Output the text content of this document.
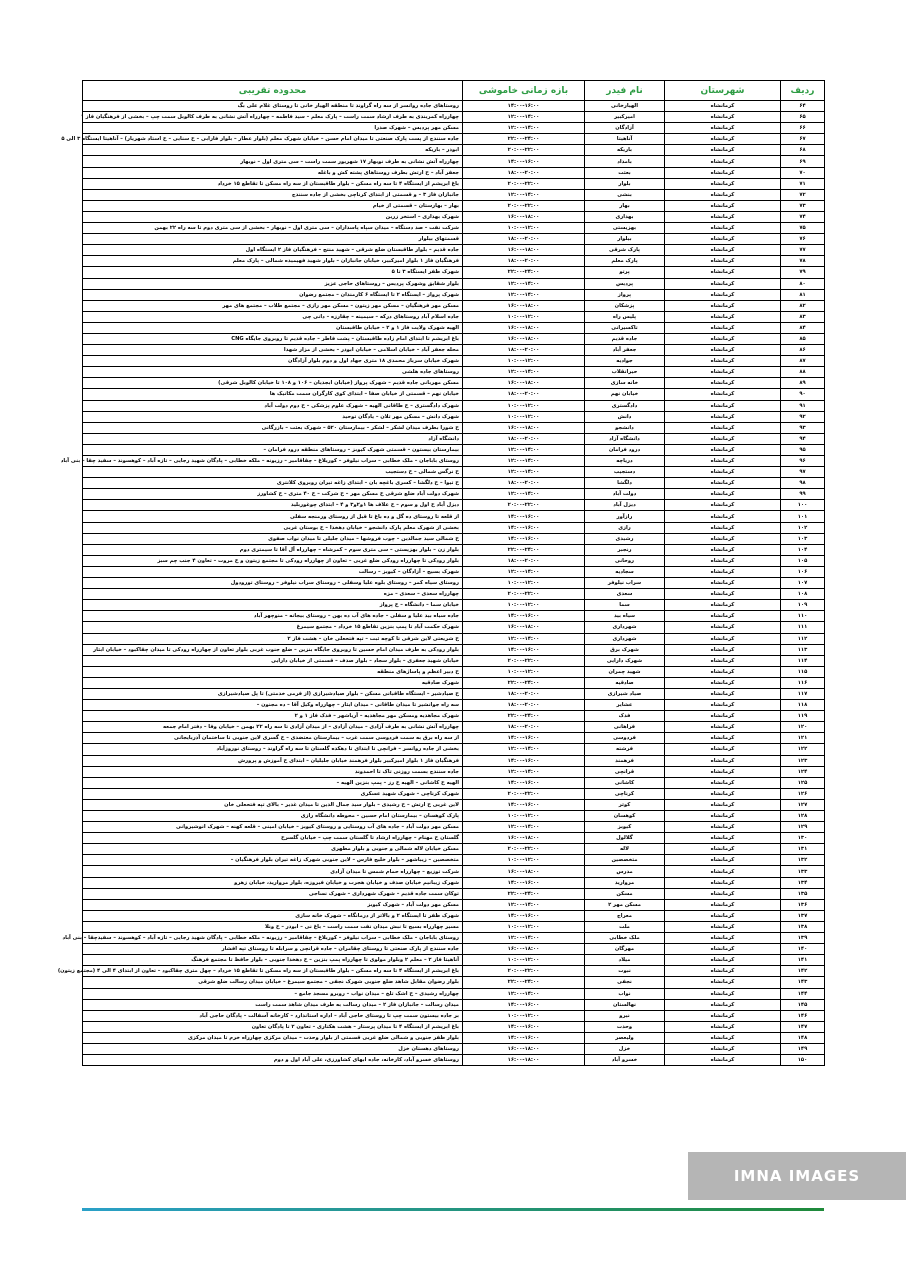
ردیف	شهرستان	نام فیدر	بازه زمانی خاموشی	محدوده تقریبی
۶۴	کرمانشاه	الهیارخانی	۱۴:۰۰-۱۶:۰۰	روستاهای جاده روانسر از سه راه گراوند تا منطقه الهیار خانی تا روستای غلام علی بگ
۶۵	کرمانشاه	امیرکبیر	۱۲:۰۰-۱۴:۰۰	چهارراه کمربندی به طرف ارشاد سمت راست – پارک معلم – سید فاطمه – چهارراه آتش نشانی به طرف کالوبل سمت چپ – بخشی از فرهنگیان فاز ۱
۶۶	کرمانشاه	آزادگان	۱۲:۰۰-۱۴:۰۰	مسکن مهر پردیس – شهرک صدرا
۶۷	کرمانشاه	آناهیتا	۲۲:۰۰-۲۴:۰۰	جاده سنندج از پست پارک صنعتی تا میدان امام حسن – خیابان شهرک معلم (بلوار عطار – بلوار فارابی – خ سنایی – خ استاد شهریار) – آناهیتا ایستگاه ۳ الی ۵
۶۸	کرمانشاه	باریکه	۲۰:۰۰-۲۲:۰۰	ابوذر – باریکه
۶۹	کرمانشاه	بامداد	۱۴:۰۰-۱۶:۰۰	چهارراه آتش نشانی به طرف نوبهار ۱۷ شهریور سمت راست – سی متری اول – نوبهار
۷۰	کرمانشاه	بعثت	۱۸:۰۰-۲۰:۰۰	جعفر آباد – خ ارتش بطرف روستاهای پشته کش و باغله
۷۱	کرمانشاه	بلوار	۲۰:۰۰-۲۲:۰۰	باغ ابریشم از ایستگاه ۴ تا سه راه مسکن – بلوار طاقبستان از سه راه مسکن تا تقاطع ۱۵ خرداد
۷۲	کرمانشاه	بنشی	۱۲:۰۰-۱۴:۰۰	جانبازان فاز ۳ – و قسمتی از ابتدای کرناچی بخشی از جاده سنندج
۷۳	کرمانشاه	بهار	۲۰:۰۰-۲۲:۰۰	بهار – بهارستان – قسمتی از خیام
۷۴	کرمانشاه	بهداری	۱۶:۰۰-۱۸:۰۰	شهرک بهداری – استخر زرین
۷۵	کرمانشاه	بهزیستی	۱۰:۰۰-۱۲:۰۰	شرکت نفت – صد دستگاه – میدان سپاه پاسداران – سی متری اول – نوبهار – بخشی از سی متری دوم تا سه راه ۲۲ بهمن
۷۶	کرمانشاه	بیلوار	۱۸:۰۰-۲۰:۰۰	قسمتهای بیلوار
۷۷	کرمانشاه	پارک شرقی	۱۶:۰۰-۱۸:۰۰	جاده قدیم – بلوار طاقبستان ضلع شرقی – شهید منتج – فرهنگیان فاز ۲ ایستگاه اول
۷۸	کرمانشاه	پارک معلم	۱۸:۰۰-۲۰:۰۰	فرهنگیان فاز ۱ بلوار امیرکبیر، خیابان جانبازان – بلوار شهید فهیمیده شمالی – پارک معلم
۷۹	کرمانشاه	پرتو	۲۲:۰۰-۲۴:۰۰	شهرک ظفر ایستگاه ۳ تا ۵
۸۰	کرمانشاه	پردیس	۱۲:۰۰-۱۴:۰۰	بلوار شقایق وشهرک پردیس – روستاهای حاجی عزیز
۸۱	کرمانشاه	پرواز	۱۲:۰۰-۱۴:۰۰	شهرک پرواز – ایستگاه ۲ تا ایستگاه ۶ کارمندان – مجتمع رضوان
۸۲	کرمانشاه	پزشکان	۱۶:۰۰-۱۸:۰۰	مسکن مهر فرهنگیان – مسکن مهر زیتون – مسکن مهر رازی – مجتمع طلاب – مجتمع های مهر
۸۳	کرمانشاه	پلیس راه	۱۰:۰۰-۱۲:۰۰	جاده اسلام آباد روستاهای درکه – سیمینه – چقارزه – دانی چی
۸۴	کرمانشاه	تاکسیرانی	۱۶:۰۰-۱۸:۰۰	الهیه شهرک ولایت فاز ۱ و ۲ – خیابان طاقبستان
۸۵	کرمانشاه	جاده قدیم	۱۶:۰۰-۱۸:۰۰	باغ ابریشم تا ابتدای امام زاده طاقبستان – پشت فاطر – جاده قدیم تا روبروی جایگاه CNG
۸۶	کرمانشاه	جعفر آباد	۱۸:۰۰-۲۰:۰۰	محله جعفر آباد – خیابان اسلامی – خیابان ابوذر – بخشی از مزار شهدا
۸۷	کرمانشاه	جوادیه	۱۰:۰۰-۱۲:۰۰	شهرک خیابان سرباز محمدی ۱۸ متری جهاد اول و دوم بلوار آزادگان
۸۸	کرمانشاه	حیرانقلاب	۱۲:۰۰-۱۴:۰۰	روستاهای جاده هلشی
۸۹	کرمانشاه	خانه سازی	۱۶:۰۰-۱۸:۰۰	مسکن مهربانی جاده قدیم – شهرک پرواز (خیابان ابجدیان – ۱۰۶ و ۱۰۸ تا خیابان کالوبل شرقی)
۹۰	کرمانشاه	خیابان نهم	۱۸:۰۰-۲۰:۰۰	خیابان نهم – قسمتی از خیابان صفا – ابتدای کوی کارگران سمت مکانیک ها
۹۱	کرمانشاه	دادگستری	۱۰:۰۰-۱۲:۰۰	شهرک دادگستری – خ طاقانی الهیه – شهرک علوم پزشکی – خ دوم دولت آباد
۹۲	کرمانشاه	دانش	۱۰:۰۰-۱۲:۰۰	شهرک دانش – مسکن مهر تلان – یادگان توحید
۹۳	کرمانشاه	دانشجو	۱۶:۰۰-۱۸:۰۰	خ شورا بطرف میدان لشکر – لشکر – بیمارستان ۵۲۰ – شهرک بعثت – بازرگانی
۹۴	کرمانشاه	دانشگاه آزاد	۱۸:۰۰-۲۰:۰۰	دانشگاه آزاد
۹۵	کرمانشاه	درود فرامان	۱۲:۰۰-۱۴:۰۰	بیمارستان بیستون – قسمتی شهرک کیوبز – روستاهای منطقه درود فرامان –
۹۶	کرمانشاه	دریاچه	۱۲:۰۰-۱۴:۰۰	روستای باباجان – ملک خطابی – سراب نیلوفر – کوریلاغ – چقاقامیر – رزیونه – ملکه خطابی – پادگان شهید رجایی – تازه آباد – کوهسوند – سفید چقا – بنی آباد
۹۷	کرمانشاه	دستجیب	۱۲:۰۰-۱۴:۰۰	خ نرگس شمالی – خ دستجیب
۹۸	کرمانشاه	دلگشا	۱۸:۰۰-۲۰:۰۰	خ تیوا – خ دلگشا – کسری باغچه بان – ابتدای زاغه تیران روبروی کلانتری
۹۹	کرمانشاه	دولت آباد	۱۲:۰۰-۱۴:۰۰	شهرک دولت آباد ضلع شرقی خ مسکن مهر – خ شرکت – خ ۴۰ متری – خ کشاورز
۱۰۰	کرمانشاه	دیزل آباد	۲۰:۰۰-۲۲:۰۰	دیزل آباد خ اول و سوم – خ علاف ها ۱و۲و۳ و ۴ – ابتدای چوغوربلید
۱۰۱	کرمانشاه	رازآور	۱۴:۰۰-۱۶:۰۰	از قلعه تا روستای ده گل و ده باغ تا قبل از روستای ورمنجه سفلی
۱۰۲	کرمانشاه	رازی	۱۴:۰۰-۱۶:۰۰	بخشی از شهرک معلم پارک دانشجو – خیابان دهخدا – خ بوستان غربی
۱۰۳	کرمانشاه	رشیدی	۱۴:۰۰-۱۶:۰۰	خ شمالی سید جمالدین – چوب فروشها – میدان جلیلی تا میدان نواب صفوی
۱۰۴	کرمانشاه	رنجبر	۲۲:۰۰-۲۴:۰۰	بلوار زن – بلوار بهزیستی – سی متری سوم – کمرشاه – چهارراه آل آقا تا سیمتری دوم
۱۰۵	کرمانشاه	روحانی	۱۸:۰۰-۲۰:۰۰	بلوار رودکی تا چهارراه رودکی ضلع غربی – تعاون از چهارراه رودکی تا مجتمع زیتون و خ مروت – تعاون ۴ جنب چم سبز
۱۰۶	کرمانشاه	سجادیه	۱۲:۰۰-۱۴:۰۰	شهرک بسیج – آزادگان – کیوبز – رسالت
۱۰۷	کرمانشاه	سراب نیلوفر	۱۰:۰۰-۱۲:۰۰	روستای سیاه کمر – روستای بلوه علیا وسفلی – روستای سراب نیلوفر – روستای تورودول
۱۰۸	کرمانشاه	سعدی	۲۰:۰۰-۲۲:۰۰	چهارراه سعدی – سعدی – مزه
۱۰۹	کرمانشاه	سما	۱۰:۰۰-۱۲:۰۰	خیابان سما – دانشگاه – خ پرواز
۱۱۰	کرمانشاه	سیاه بید	۱۴:۰۰-۱۶:۰۰	جاده سیاه بید علیا و سفلی – جاده های آب ده بهن – روستای بیجانه – منوچهر آباد
۱۱۱	کرمانشاه	شهرداری	۱۶:۰۰-۱۸:۰۰	شهرک حکمت آباد تا پمپ بنزین تقاطع ۱۵ خرداد – مجتمع سیمرغ
۱۱۲	کرمانشاه	شهرداری	۱۲:۰۰-۱۴:۰۰	خ شریعتی لاین شرقی تا کوچه ثبت – تپه فتحعلی خان – هشت فاز ۲
۱۱۳	کرمانشاه	شهرک برق	۱۴:۰۰-۱۶:۰۰	بلوار رودکی به طرف میدان امام حسین تا روبروی جایگاه بنزین – ضلع جنوب غربی بلوار تعاون از چهارراه رودکی تا میدان چقاکبود – خیابان ابثار
۱۱۴	کرمانشاه	شهرک دارایی	۲۰:۰۰-۲۲:۰۰	خیابان شهید جعفری – بلوار سجاد – بلوار صدف – قسمتی از خیابان دارایی
۱۱۵	کرمانشاه	شهید چمران	۱۰:۰۰-۱۲:۰۰	خ دبیر اعظم و پاساژهای منطقه
۱۱۶	کرمانشاه	صادقیه	۲۲:۰۰-۲۴:۰۰	شهرک صادقیه
۱۱۷	کرمانشاه	صیاد شیرازی	۱۸:۰۰-۲۰:۰۰	خ صیادشیر – ایستگاه طاقبانی مسکن – بلوار صیادشیرازی (از فرمی خدمتی) تا پل صیادشیرازی
۱۱۸	کرمانشاه	عشایر	۱۸:۰۰-۲۰:۰۰	سه راه جوانشیر تا میدان طاقانی – میدان ایثار – چهارراه وکیل آقا – ده مجنون –
۱۱۹	کرمانشاه	فدک	۲۲:۰۰-۲۴:۰۰	شهرک مجاهدیه ومسکن مهر مجاهدیه – آریاشهر – فدک فاز ۱ و ۲
۱۲۰	کرمانشاه	فراهانی	۱۸:۰۰-۲۰:۰۰	چهارراه آتش نشانی به طرف آزادی – میدان آزادی – از میدان آزادی تا سه راه ۲۲ بهمن – خیابان وفا – دفتر امام جمعه
۱۲۱	کرمانشاه	فردوسی	۱۴:۰۰-۱۶:۰۰	از سه راه برق به سمت فردوسی سمت غرب – بیمارستان معتضدی – خ گسری لاین جنوبی تا ساختمان آذربایجانی
۱۲۲	کرمانشاه	فرشته	۱۲:۰۰-۱۴:۰۰	بخشی از جاده روانسر – فرانچی تا ابتدای تا دهکده گلستان تا سه راه گراوند – روستای نوروزآباد
۱۲۳	کرمانشاه	فرهمند	۱۴:۰۰-۱۶:۰۰	فرهنگیان فاز ۱ بلوار امیرکبیر بلوار فرهمند خیابان جلیلیان – ابتدای خ آموزش و پرورش
۱۲۴	کرمانشاه	قرانچی	۱۲:۰۰-۱۴:۰۰	جاده سنندج بسمت روزنی تاک تا احمدوند
۱۲۵	کرمانشاه	کاشانی	۱۴:۰۰-۱۶:۰۰	الهیه خ کاشانی – الهیه خ رز – پمپ بنزین الهیه –
۱۲۶	کرمانشاه	کرناچی	۲۰:۰۰-۲۲:۰۰	شهرک کرناچی – شهرک شهید عسکری
۱۲۷	کرمانشاه	کوثر	۱۴:۰۰-۱۶:۰۰	لاین غربی خ ارتش – خ رشیدی – بلوار سید جمال الدین تا میدان غدیر – بالای تپه فتحعلی خان
۱۲۸	کرمانشاه	کوهسان	۱۰:۰۰-۱۲:۰۰	پارک کوهسان – بیمارستان امام حسین – محوطه دانشگاه رازی
۱۲۹	کرمانشاه	کیوبز	۱۲:۰۰-۱۴:۰۰	مسکن مهر دولت آباد – جاده های آب روستایی و روستای کیوبز – خیابان امینی – قلعه کهنه – شهرک انوشیروانی
۱۳۰	کرمانشاه	گلالول	۱۶:۰۰-۱۸:۰۰	گلستان خ مهنام – چهارراه ارشاد تا گلستان سمت چپ – خیابان گلسرخ
۱۳۱	کرمانشاه	لاله	۲۰:۰۰-۲۲:۰۰	مسکن خیابان لاله شمالی و جنوبی و بلوار مطهری
۱۳۲	کرمانشاه	متخصصین	۱۰:۰۰-۱۲:۰۰	متخصصین – زیباشهر – بلوار خلیج فارس – لاین جنوبی شهرک زاغه تیران بلوار فرهنگیان –
۱۳۳	کرمانشاه	مدرس	۱۶:۰۰-۱۸:۰۰	شرکت توزیع – چهارراه حمام شمس تا میدان آزادی
۱۳۴	کرمانشاه	مروارید	۱۴:۰۰-۱۶:۰۰	شهرک زیبانیم خیابان صدف و خیابان هجرت و خیابان فیروزه، بلوار مروارید، خیابان زهرو
۱۳۵	کرمانشاه	مسکن	۲۲:۰۰-۲۴:۰۰	توکان سمت جاده قدیم – شهرک شهرداری – شهرک نساجی
۱۳۶	کرمانشاه	مسکن مهر ۲	۱۲:۰۰-۱۴:۰۰	مسکن مهر دولت آباد – شهرک کیوبز
۱۳۷	کرمانشاه	معراج	۱۴:۰۰-۱۶:۰۰	شهرک ظفر تا ایستگاه ۲ و بالاتر از درمانگاه – شهرک خانه سازی
۱۳۸	کرمانشاه	ملت	۱۰:۰۰-۱۲:۰۰	مسیر چهارراه بسیج تا نبش میدان نفت سمت راست – باغ نی – ابوذر – خ ونلا
۱۳۹	کرمانشاه	ملک خطابی	۱۲:۰۰-۱۴:۰۰	روستای باباجان – ملک خطابی – سراب نیلوفر – کوریلاغ – چقاقامیر – رزیونه – ملکه خطابی – پادگان شهید رجایی – تازه آباد – کوهسوند – سفیدچقا – بنی آباد
۱۴۰	کرمانشاه	مهرگان	۱۶:۰۰-۱۸:۰۰	جاده سنندج از پارک صنعتی تا روستای چقامران – جاده قرانچی و سرابله تا روستای تپه افشار
۱۴۱	کرمانشاه	میلاد	۱۰:۰۰-۱۲:۰۰	آناهیتا فاز ۲ – معلم ۲ وبلوار مولوی تا چهارراه پمپ بنزین – خ دهخدا جنوبی – بلوار حافظ تا مجتمع فرهنگ
۱۴۲	کرمانشاه	نبوت	۲۰:۰۰-۲۲:۰۰	باغ ابریشم از ایستگاه ۴ تا سه راه مسکن – بلوار طاقبستان از سه راه مسکن تا تقاطع ۱۵ خرداد – چهل متری چقاکبود – تعاون از ابتدای ۴ الی ۴ (مجتمع زیتون)
۱۴۳	کرمانشاه	نجفی	۲۲:۰۰-۲۴:۰۰	بلوار رضوان مقابل شاهد ضلع جنوبی شهرک نجفی – مجتمع سیمرغ – خیابان میدان رسالت ضلع شرقی
۱۴۴	کرمانشاه	نواب	۱۲:۰۰-۱۴:۰۰	چهارراه رشیدی – خ اشک تلخ – میدان نواب – روبرو مسجد جامع –
۱۴۵	کرمانشاه	نهالستان	۱۴:۰۰-۱۶:۰۰	میدان رسالت – جانبازان فاز ۲ – میدان رسالت به طرف میدان شاهد سمت راست
۱۴۶	کرمانشاه	نیرو	۱۰:۰۰-۱۲:۰۰	بر جاده بیستون سمت چپ تا روستای حاجی آباد – اداره استاندارد – کارخانه آسفالت – پادگان حاجی آباد
۱۴۷	کرمانشاه	وحدت	۱۴:۰۰-۱۶:۰۰	باغ ابریشم از ایستگاه ۴ تا میدان پرستار – هشت هکتاری – تعاون ۲ تا پادگان تعاون
۱۴۸	کرمانشاه	ولیعصر	۱۴:۰۰-۱۶:۰۰	بلوار ظفر جنوبی و شمالی ضلع غربی قسمتی از بلوار وحدت – میدان مرکزی چهارراه خرم تا میدان مرکزی
۱۴۹	کرمانشاه	خزل	۱۶:۰۰-۱۸:۰۰	روستاهای دهستان خزل
۱۵۰	کرمانشاه	خسرو آباد	۱۶:۰۰-۱۸:۰۰	روستاهای خسرو آباد، کارخانه، جاده ابهای کشاورزی، علی آباد اول و دوم
IMNA IMAGES
